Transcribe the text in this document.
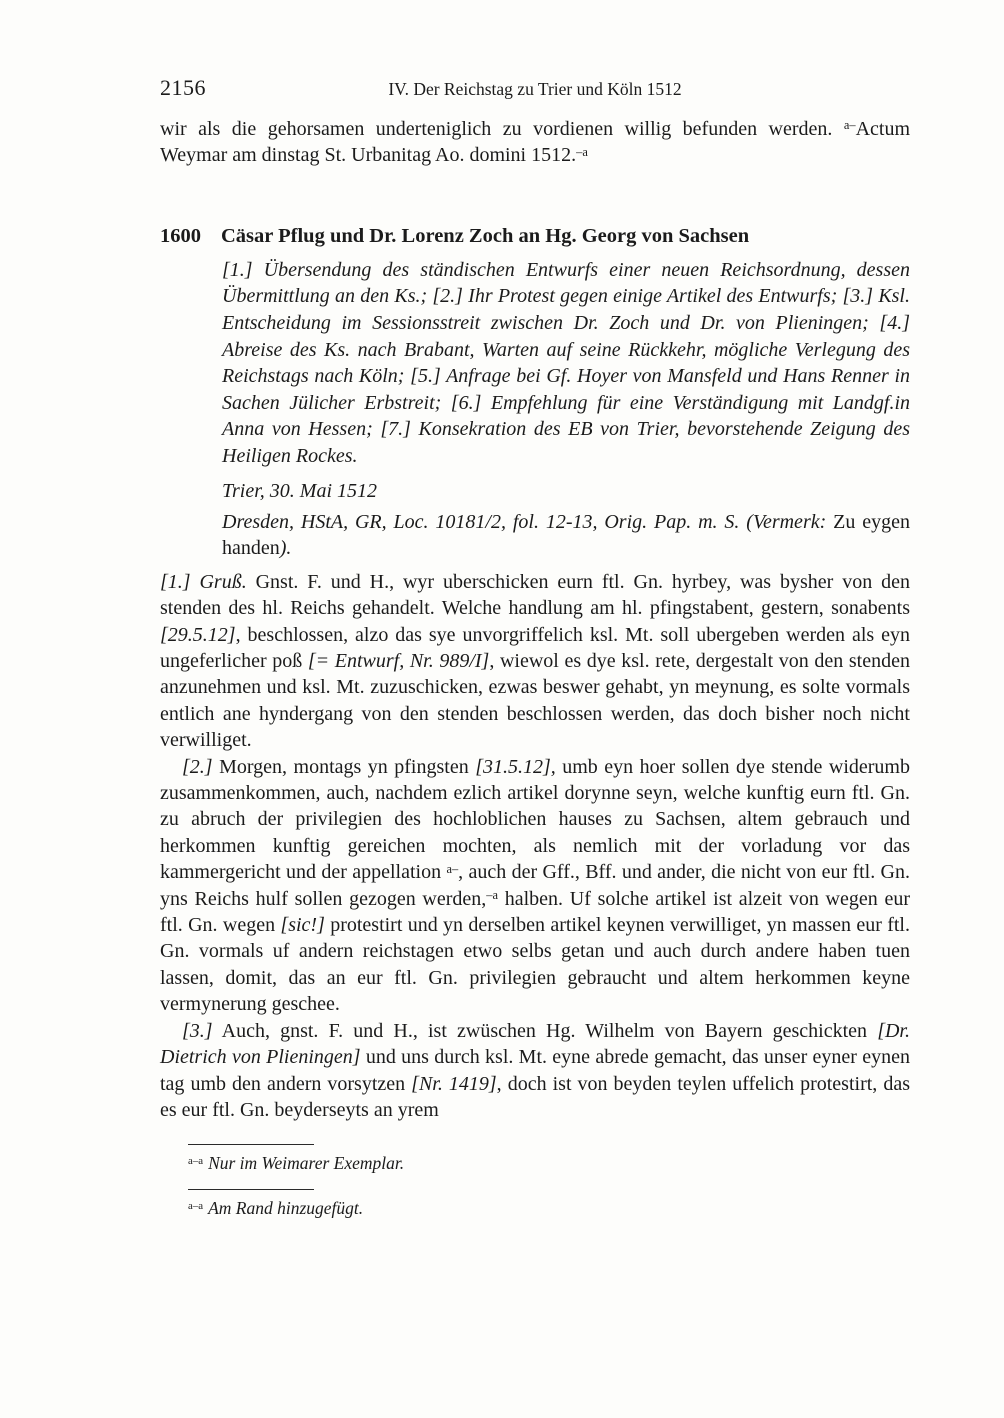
2156	IV. Der Reichstag zu Trier und Köln 1512

wir als die gehorsamen underteniglich zu vordienen willig befunden werden. $^{a-}$Actum Weymar am dinstag St. Urbanitag Ao. domini 1512.$^{-a}$

1600 Cäsar Pflug und Dr. Lorenz Zoch an Hg. Georg von Sachsen

[1.] Übersendung des ständischen Entwurfs einer neuen Reichsordnung, dessen Übermittlung an den Ks.; [2.] Ihr Protest gegen einige Artikel des Entwurfs; [3.] Ksl. Entscheidung im Sessionsstreit zwischen Dr. Zoch und Dr. von Plieningen; [4.] Abreise des Ks. nach Brabant, Warten auf seine Rückkehr, mögliche Verlegung des Reichstags nach Köln; [5.] Anfrage bei Gf. Hoyer von Mansfeld und Hans Renner in Sachen Jülicher Erbstreit; [6.] Empfehlung für eine Verständigung mit Landgf.in Anna von Hessen; [7.] Konsekration des EB von Trier, bevorstehende Zeigung des Heiligen Rockes.

Trier, 30. Mai 1512

Dresden, HStA, GR, Loc. 10181/2, fol. 12-13, Orig. Pap. m. S. (Vermerk: Zu eygen handen).

[1.] Gruß. Gnst. F. und H., wyr uberschicken eurn ftl. Gn. hyrbey, was bysher von den stenden des hl. Reichs gehandelt. Welche handlung am hl. pfingstabent, gestern, sonabents [29.5.12], beschlossen, alzo das sye unvorgriffelich ksl. Mt. soll ubergeben werden als eyn ungeferlicher poß [= Entwurf, Nr. 989/I], wiewol es dye ksl. rete, dergestalt von den stenden anzunehmen und ksl. Mt. zuzuschicken, ezwas beswer gehabt, yn meynung, es solte vormals entlich ane hyndergang von den stenden beschlossen werden, das doch bisher noch nicht verwilliget.

[2.] Morgen, montags yn pfingsten [31.5.12], umb eyn hoer sollen dye stende widerumb zusammenkommen, auch, nachdem ezlich artikel dorynne seyn, welche kunftig eurn ftl. Gn. zu abruch der privilegien des hochloblichen hauses zu Sachsen, altem gebrauch und herkommen kunftig gereichen mochten, als nemlich mit der vorladung vor das kammergericht und der appellation $^{a-}$, auch der Gff., Bff. und ander, die nicht von eur ftl. Gn. yns Reichs hulf sollen gezogen werden,$^{-a}$ halben. Uf solche artikel ist alzeit von wegen eur ftl. Gn. wegen [sic!] protestirt und yn derselben artikel keynen verwilliget, yn massen eur ftl. Gn. vormals uf andern reichstagen etwo selbs getan und auch durch andere haben tuen lassen, domit, das an eur ftl. Gn. privilegien gebraucht und altem herkommen keyne vermynerung geschee.

[3.] Auch, gnst. F. und H., ist zwüschen Hg. Wilhelm von Bayern geschickten [Dr. Dietrich von Plieningen] und uns durch ksl. Mt. eyne abrede gemacht, das unser eyner eynen tag umb den andern vorsytzen [Nr. 1419], doch ist von beyden teylen uffelich protestirt, das es eur ftl. Gn. beyderseyts an yrem

$^{a-a}$ Nur im Weimarer Exemplar.

$^{a-a}$ Am Rand hinzugefügt.
